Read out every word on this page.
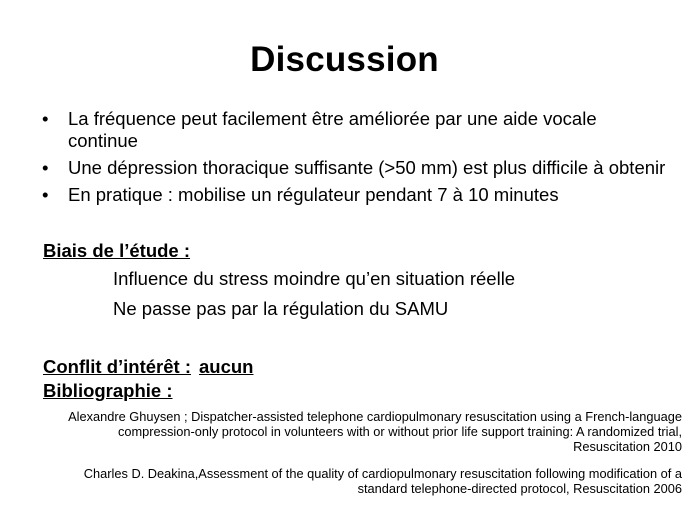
Discussion
• La fréquence peut facilement être améliorée par une aide vocale continue
• Une dépression thoracique suffisante (>50 mm) est plus difficile à obtenir
• En pratique : mobilise un régulateur pendant 7 à 10 minutes
Biais de l’étude :
Influence du stress moindre qu’en situation réelle
Ne passe pas par la régulation du SAMU
Conflit d’intérêt : aucun
Bibliographie :
Alexandre Ghuysen ; Dispatcher-assisted telephone cardiopulmonary resuscitation using a French-language compression-only protocol in volunteers with or without prior life support training: A randomized trial, Resuscitation 2010
Charles D. Deakina,Assessment of the quality of cardiopulmonary resuscitation following modification of a standard telephone-directed protocol, Resuscitation 2006
